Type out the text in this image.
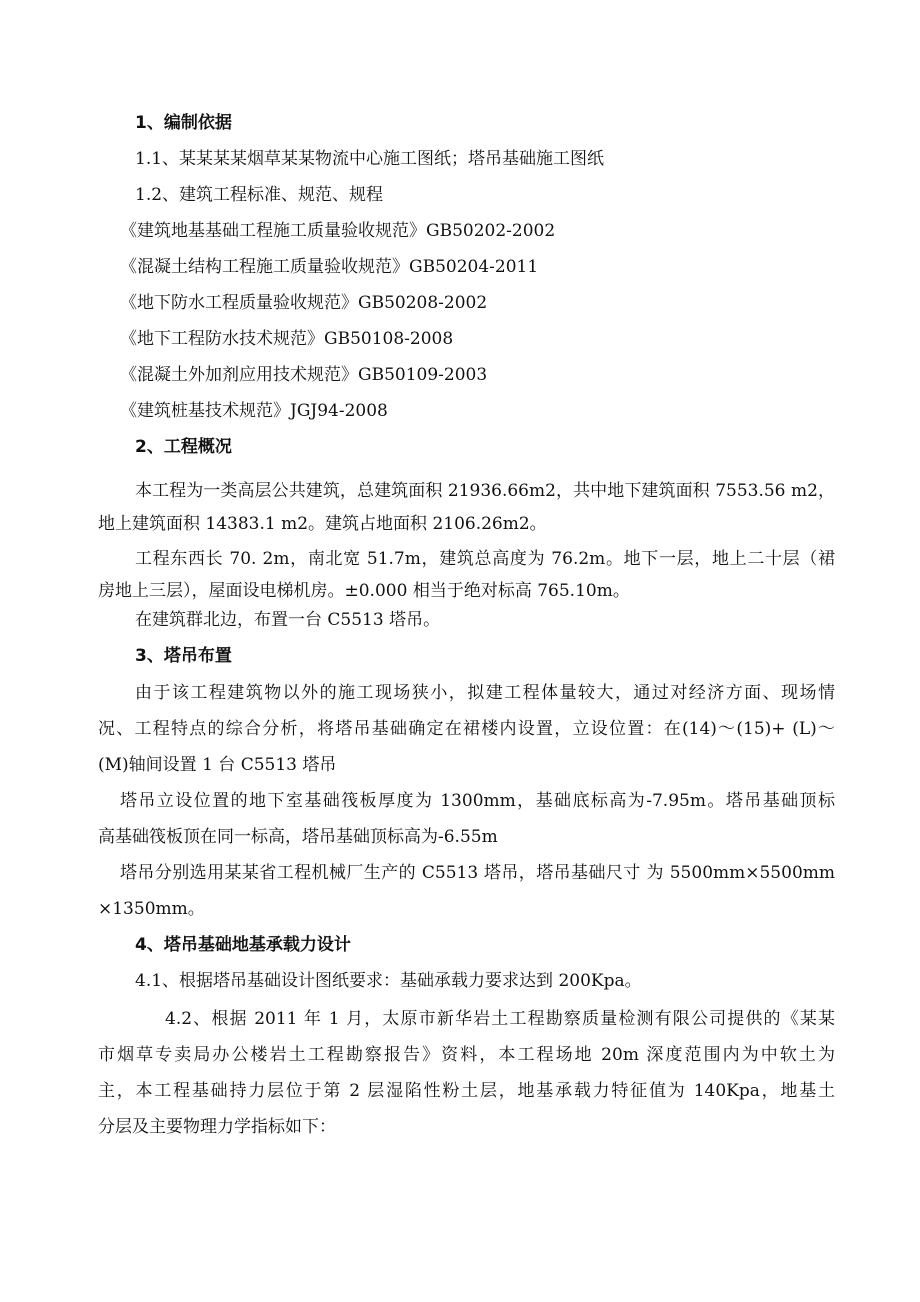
1、编制依据
1.1、某某某某烟草某某物流中心施工图纸；塔吊基础施工图纸
1.2、建筑工程标准、规范、规程
《建筑地基基础工程施工质量验收规范》GB50202-2002
《混凝土结构工程施工质量验收规范》GB50204-2011
《地下防水工程质量验收规范》GB50208-2002
《地下工程防水技术规范》GB50108-2008
《混凝土外加剂应用技术规范》GB50109-2003
《建筑桩基技术规范》JGJ94-2008
2、工程概况
本工程为一类高层公共建筑，总建筑面积 21936.66m2，共中地下建筑面积 7553.56 m2，
地上建筑面积 14383.1 m2。建筑占地面积 2106.26m2。
工程东西长 70. 2m，南北宽 51.7m，建筑总高度为 76.2m。地下一层，地上二十层（裙
房地上三层），屋面设电梯机房。±0.000 相当于绝对标高 765.10m。
在建筑群北边，布置一台 C5513 塔吊。
3、塔吊布置
由于该工程建筑物以外的施工现场狭小，拟建工程体量较大，通过对经济方面、现场情
况、工程特点的综合分析，将塔吊基础确定在裙楼内设置，立设位置：在(14)～(15)+ (L)～
(M)轴间设置 1 台 C5513 塔吊
塔吊立设位置的地下室基础筏板厚度为 1300mm，基础底标高为-7.95m。塔吊基础顶标
高基础筏板顶在同一标高，塔吊基础顶标高为-6.55m
塔吊分别选用某某省工程机械厂生产的 C5513 塔吊，塔吊基础尺寸 为 5500mm×5500mm
×1350mm。
4、塔吊基础地基承载力设计
4.1、根据塔吊基础设计图纸要求：基础承载力要求达到 200Kpa。
4.2、根据 2011 年 1 月，太原市新华岩土工程勘察质量检测有限公司提供的《某某
市烟草专卖局办公楼岩土工程勘察报告》资料，本工程场地 20m 深度范围内为中软土为
主，本工程基础持力层位于第 2 层湿陷性粉土层，地基承载力特征值为 140Kpa，地基土
分层及主要物理力学指标如下：
